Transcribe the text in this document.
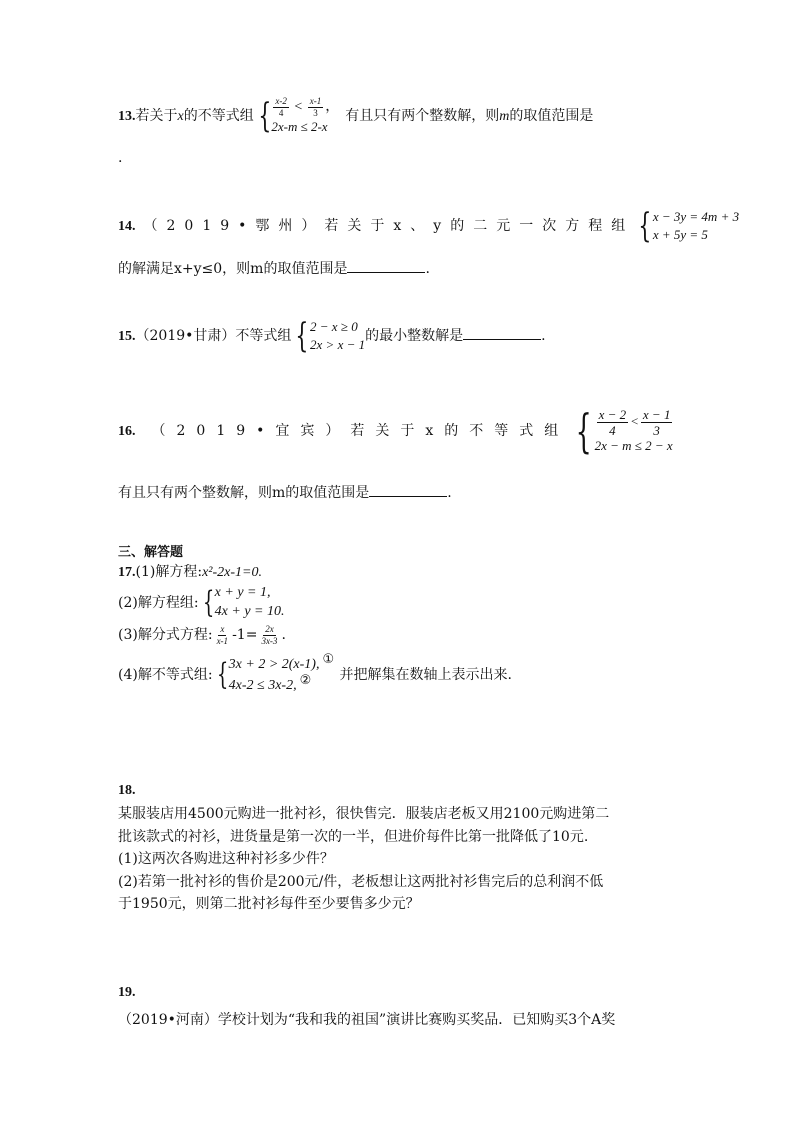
13.若关于x的不等式组 { $\frac{x-2}{4} < \frac{x-1}{3}$ ，
2x-m ≤ 2-x
有且只有两个整数解，则m的取值范围是
.
14. （2019•鄂州）若关于x、y的二元一次方程组 { x − 3y = 4m + 3
x + 5y = 5
的解满足x+y≤0，则m的取值范围是	.
15.（2019•甘肃）不等式组 { 2 − x ≥ 0
2x > x − 1
的最小整数解是	.
16. （2019•宜宾）若关于x的不等式组 { $\frac{x - 2}{4} < \frac{x - 1}{3}$
2x − m ≤ 2 − x
有且只有两个整数解，则m的取值范围是	.
三、解答题
17.(1)解方程:x²-2x-1=0.
(2)解方程组: { x + y = 1,
4x + y = 10.
(3)解分式方程: $\frac{x}{x-1} -1= \frac{2x}{3x-3}$ .
(4)解不等式组: { 3x + 2 > 2(x-1), ①
4x-2 ≤ 3x-2, ②	并把解集在数轴上表示出来.
18.
某服装店用4500元购进一批衬衫，很快售完．服装店老板又用2100元购进第二
批该款式的衬衫，进货量是第一次的一半，但进价每件比第一批降低了10元.
(1)这两次各购进这种衬衫多少件？
(2)若第一批衬衫的售价是200元/件，老板想让这两批衬衫售完后的总利润不低
于1950元，则第二批衬衫每件至少要售多少元？
19.
（2019•河南）学校计划为“我和我的祖国”演讲比赛购买奖品．已知购买3个A奖
